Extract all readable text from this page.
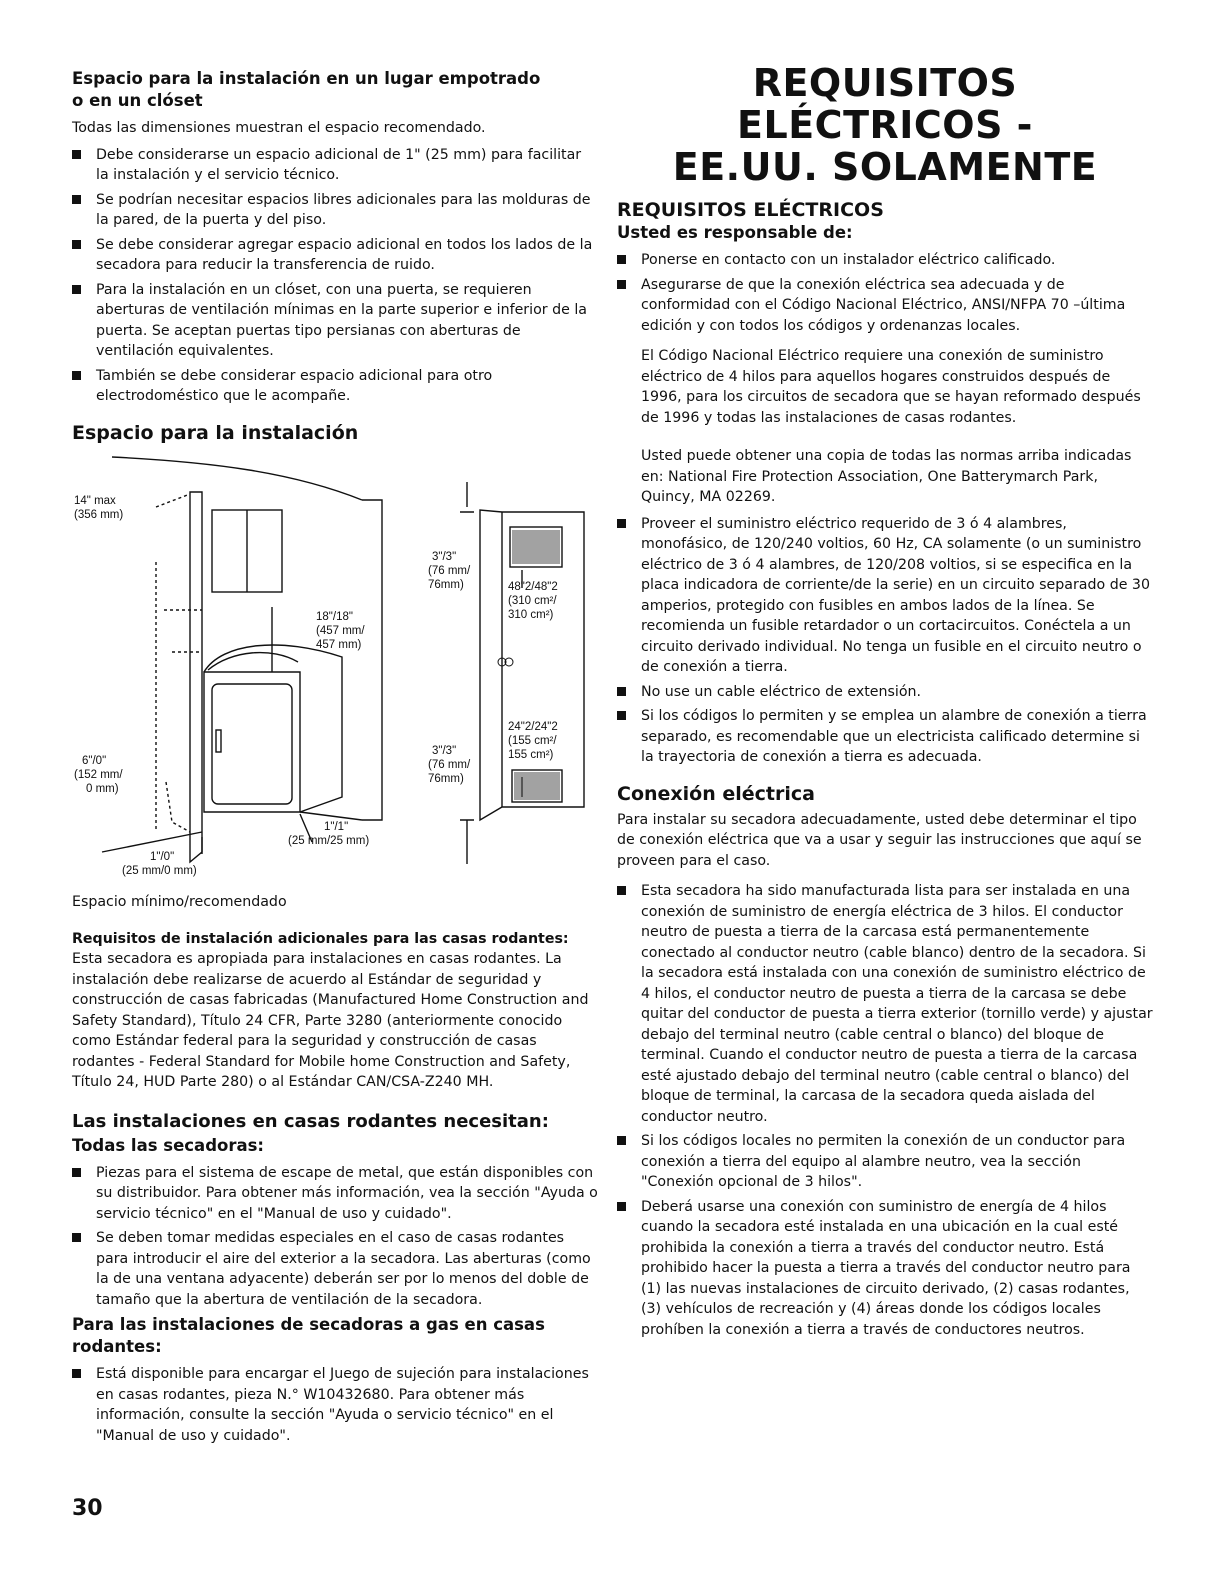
Espacio para la instalación en un lugar empotrado

o en un clóset

Todas las dimensiones muestran el espacio recomendado.

Debe considerarse un espacio adicional de 1" (25 mm) para facilitar la instalación y el servicio técnico.
Se podrían necesitar espacios libres adicionales para las molduras de la pared, de la puerta y del piso.
Se debe considerar agregar espacio adicional en todos los lados de la secadora para reducir la transferencia de ruido.
Para la instalación en un clóset, con una puerta, se requieren aberturas de ventilación mínimas en la parte superior e inferior de la puerta. Se aceptan puertas tipo persianas con aberturas de ventilación equivalentes.
También se debe considerar espacio adicional para otro electrodoméstico que le acompañe.

Espacio para la instalación

Espacio mínimo/recomendado

Requisitos de instalación adicionales para las casas rodantes: Esta secadora es apropiada para instalaciones en casas rodantes. La instalación debe realizarse de acuerdo al Estándar de seguridad y construcción de casas fabricadas (Manufactured Home Construction and Safety Standard), Título 24 CFR, Parte 3280 (anteriormente conocido como Estándar federal para la seguridad y construcción de casas rodantes - Federal Standard for Mobile home Construction and Safety, Título 24, HUD Parte 280) o al Estándar CAN/CSA-Z240 MH.

Las instalaciones en casas rodantes necesitan:

Todas las secadoras:

Piezas para el sistema de escape de metal, que están disponibles con su distribuidor. Para obtener más información, vea la sección "Ayuda o servicio técnico" en el "Manual de uso y cuidado".
Se deben tomar medidas especiales en el caso de casas rodantes para introducir el aire del exterior a la secadora. Las aberturas (como la de una ventana adyacente) deberán ser por lo menos del doble de tamaño que la abertura de ventilación de la secadora.

Para las instalaciones de secadoras a gas en casas rodantes:

Está disponible para encargar el Juego de sujeción para instalaciones en casas rodantes, pieza N.° W10432680. Para obtener más información, consulte la sección "Ayuda o servicio técnico" en el "Manual de uso y cuidado".
14" max
(356 mm)
18"/18"
(457 mm/
457 mm)
6"/0"
(152 mm/
0 mm)
1"/1"
(25 mm/25 mm)
1"/0"
(25 mm/0 mm)
3"/3"
(76 mm/
76mm)	48"2/48"2
(310 cm²/
310 cm²)
24"2/24"2
(155 cm²/
155 cm²)
3"/3"
(76 mm/
76mm)

REQUISITOS ELÉCTRICOS -

EE.UU. SOLAMENTE

REQUISITOS ELÉCTRICOS

Usted es responsable de:

Ponerse en contacto con un instalador eléctrico calificado.
Asegurarse de que la conexión eléctrica sea adecuada y de conformidad con el Código Nacional Eléctrico, ANSI/NFPA 70 –última edición y con todos los códigos y ordenanzas locales.

El Código Nacional Eléctrico requiere una conexión de suministro eléctrico de 4 hilos para aquellos hogares construidos después de 1996, para los circuitos de secadora que se hayan reformado después de 1996 y todas las instalaciones de casas rodantes.

Usted puede obtener una copia de todas las normas arriba indicadas en: National Fire Protection Association, One Batterymarch Park, Quincy, MA 02269.

Proveer el suministro eléctrico requerido de 3 ó 4 alambres, monofásico, de 120/240 voltios, 60 Hz, CA solamente (o un suministro eléctrico de 3 ó 4 alambres, de 120/208 voltios, si se especifica en la placa indicadora de corriente/de la serie) en un circuito separado de 30 amperios, protegido con fusibles en ambos lados de la línea. Se recomienda un fusible retardador o un cortacircuitos. Conéctela a un circuito derivado individual. No tenga un fusible en el circuito neutro o de conexión a tierra.
No use un cable eléctrico de extensión.
Si los códigos lo permiten y se emplea un alambre de conexión a tierra separado, es recomendable que un electricista calificado determine si la trayectoria de conexión a tierra es adecuada.

Conexión eléctrica

Para instalar su secadora adecuadamente, usted debe determinar el tipo de conexión eléctrica que va a usar y seguir las instrucciones que aquí se proveen para el caso.

Esta secadora ha sido manufacturada lista para ser instalada en una conexión de suministro de energía eléctrica de 3 hilos. El conductor neutro de puesta a tierra de la carcasa está permanentemente conectado al conductor neutro (cable blanco) dentro de la secadora. Si la secadora está instalada con una conexión de suministro eléctrico de 4 hilos, el conductor neutro de puesta a tierra de la carcasa se debe quitar del conductor de puesta a tierra exterior (tornillo verde) y ajustar debajo del terminal neutro (cable central o blanco) del bloque de terminal. Cuando el conductor neutro de puesta a tierra de la carcasa esté ajustado debajo del terminal neutro (cable central o blanco) del bloque de terminal, la carcasa de la secadora queda aislada del conductor neutro.
Si los códigos locales no permiten la conexión de un conductor para conexión a tierra del equipo al alambre neutro, vea la sección "Conexión opcional de 3 hilos".
Deberá usarse una conexión con suministro de energía de 4 hilos cuando la secadora esté instalada en una ubicación en la cual esté prohibida la conexión a tierra a través del conductor neutro. Está prohibido hacer la puesta a tierra a través del conductor neutro para (1) las nuevas instalaciones de circuito derivado, (2) casas rodantes, (3) vehículos de recreación y (4) áreas donde los códigos locales prohíben la conexión a tierra a través de conductores neutros.
30
